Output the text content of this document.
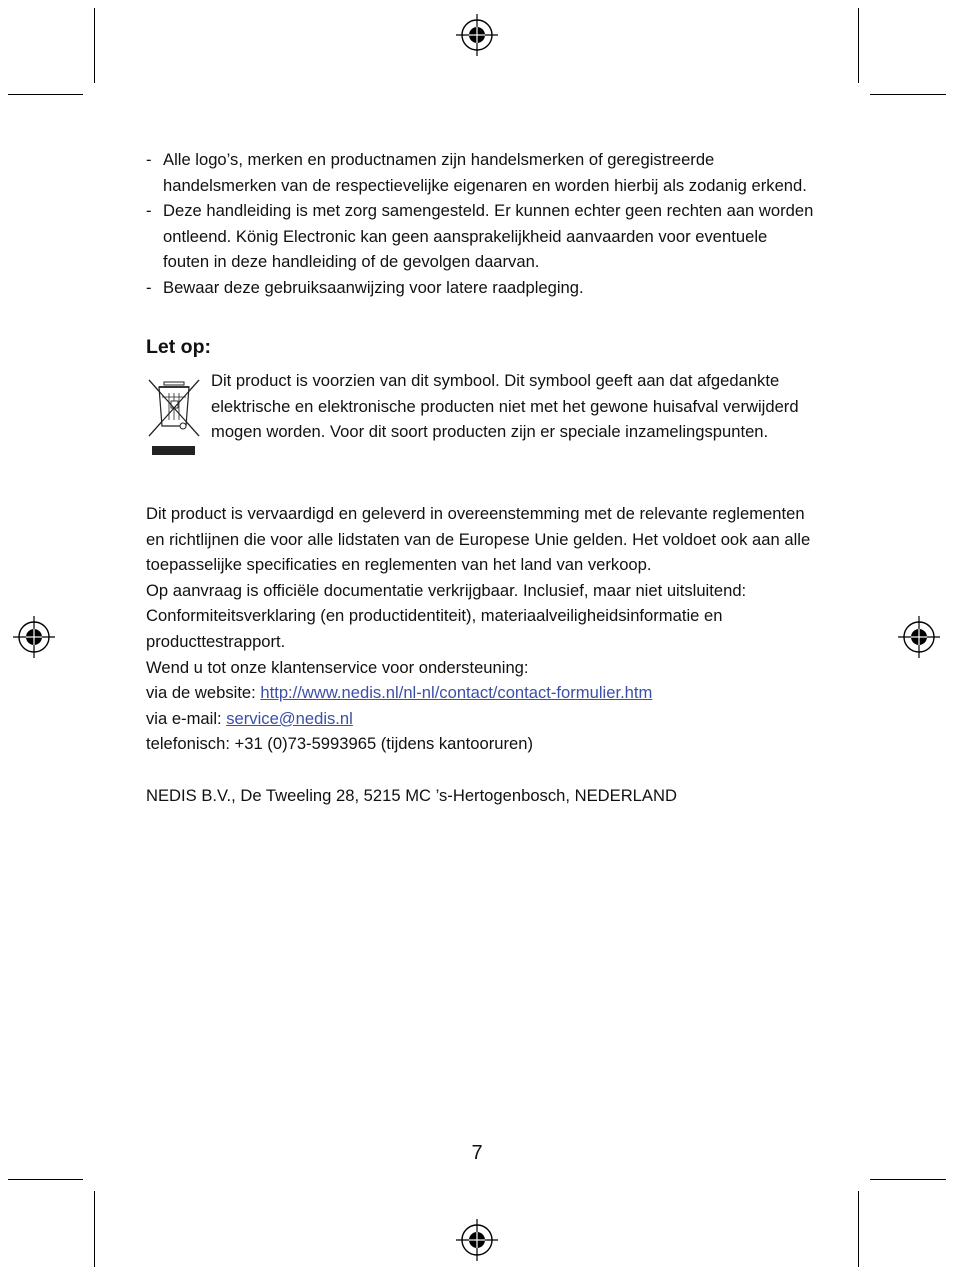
- Alle logo’s, merken en productnamen zijn handelsmerken of geregistreerde handelsmerken van de respectievelijke eigenaren en worden hierbij als zodanig erkend.
- Deze handleiding is met zorg samengesteld. Er kunnen echter geen rechten aan worden ontleend. König Electronic kan geen aansprakelijkheid aanvaarden voor eventuele fouten in deze handleiding of de gevolgen daarvan.
- Bewaar deze gebruiksaanwijzing voor latere raadpleging.
Let op:

Dit product is voorzien van dit symbool. Dit symbool geeft aan dat afgedankte elektrische en elektronische producten niet met het gewone huisafval verwijderd mogen worden. Voor dit soort producten zijn er speciale inzamelingspunten.

Dit product is vervaardigd en geleverd in overeenstemming met de relevante reglementen en richtlijnen die voor alle lidstaten van de Europese Unie gelden. Het voldoet ook aan alle toepasselijke specificaties en reglementen van het land van verkoop.

Op aanvraag is officiële documentatie verkrijgbaar. Inclusief, maar niet uitsluitend: Conformiteitsverklaring (en productidentiteit), materiaalveiligheidsinformatie en producttestrapport.

Wend u tot onze klantenservice voor ondersteuning:

via de website: http://www.nedis.nl/nl-nl/contact/contact-formulier.htm

via e-mail: service@nedis.nl

telefonisch: +31 (0)73-5993965 (tijdens kantooruren)

NEDIS B.V., De Tweeling 28, 5215 MC ’s-Hertogenbosch, NEDERLAND

7
